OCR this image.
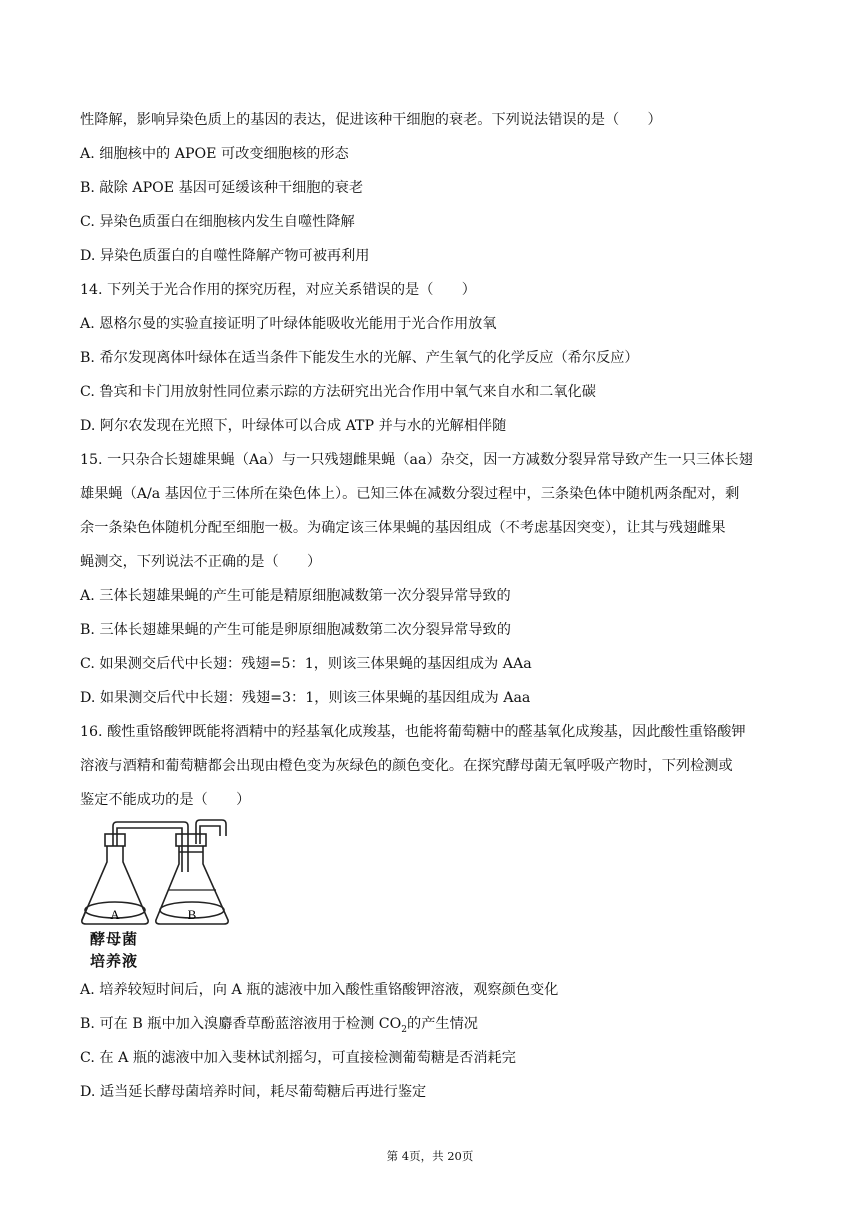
性降解，影响异染色质上的基因的表达，促进该种干细胞的衰老。下列说法错误的是（　　）
A. 细胞核中的 APOE 可改变细胞核的形态
B. 敲除 APOE 基因可延缓该种干细胞的衰老
C. 异染色质蛋白在细胞核内发生自噬性降解
D. 异染色质蛋白的自噬性降解产物可被再利用
14. 下列关于光合作用的探究历程，对应关系错误的是（　　）
A. 恩格尔曼的实验直接证明了叶绿体能吸收光能用于光合作用放氧
B. 希尔发现离体叶绿体在适当条件下能发生水的光解、产生氧气的化学反应（希尔反应）
C. 鲁宾和卡门用放射性同位素示踪的方法研究出光合作用中氧气来自水和二氧化碳
D. 阿尔农发现在光照下，叶绿体可以合成 ATP 并与水的光解相伴随
15. 一只杂合长翅雄果蝇（Aa）与一只残翅雌果蝇（aa）杂交，因一方减数分裂异常导致产生一只三体长翅
雄果蝇（A/a 基因位于三体所在染色体上）。已知三体在减数分裂过程中，三条染色体中随机两条配对，剩
余一条染色体随机分配至细胞一极。为确定该三体果蝇的基因组成（不考虑基因突变），让其与残翅雌果
蝇测交，下列说法不正确的是（　　）
A. 三体长翅雄果蝇的产生可能是精原细胞减数第一次分裂异常导致的
B. 三体长翅雄果蝇的产生可能是卵原细胞减数第二次分裂异常导致的
C. 如果测交后代中长翅：残翅=5：1，则该三体果蝇的基因组成为 AAa
D. 如果测交后代中长翅：残翅=3：1，则该三体果蝇的基因组成为 Aaa
16. 酸性重铬酸钾既能将酒精中的羟基氧化成羧基，也能将葡萄糖中的醛基氧化成羧基，因此酸性重铬酸钾
溶液与酒精和葡萄糖都会出现由橙色变为灰绿色的颜色变化。在探究酵母菌无氧呼吸产物时，下列检测或
鉴定不能成功的是（　　）
A	B
酵母菌
培养液
A. 培养较短时间后，向 A 瓶的滤液中加入酸性重铬酸钾溶液，观察颜色变化
B. 可在 B 瓶中加入溴麝香草酚蓝溶液用于检测 $CO_2$的产生情况
C. 在 A 瓶的滤液中加入斐林试剂摇匀，可直接检测葡萄糖是否消耗完
D. 适当延长酵母菌培养时间，耗尽葡萄糖后再进行鉴定
第 4页，共 20页
